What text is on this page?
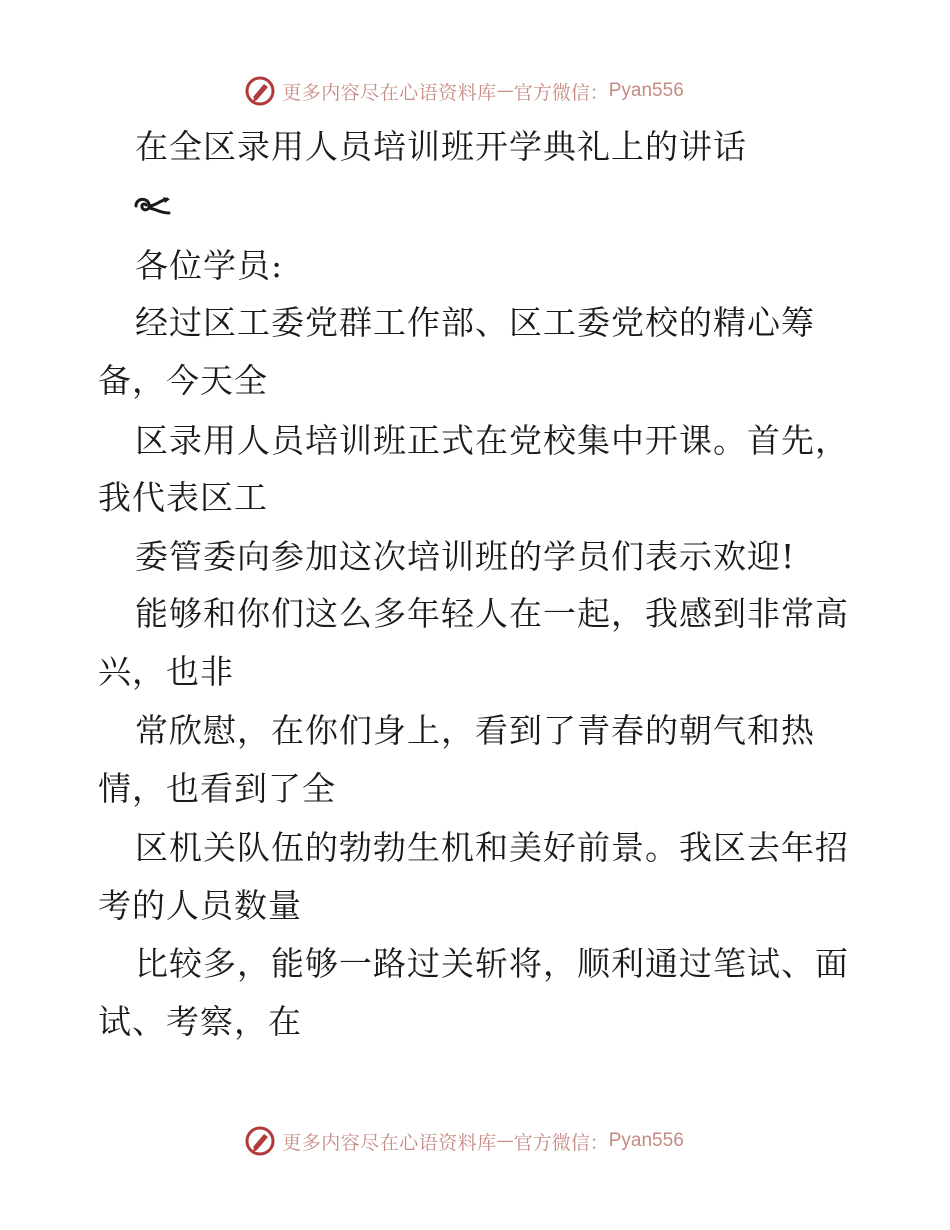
更多内容尽在心语资料库 — 官方微信： Pyan556
在全区录用人员培训班开学典礼上的讲话
各位学员:
经过区工委党群工作部、区工委党校的精心筹
备，今天全
区录用人员培训班正式在党校集中开课。首先，
我代表区工
委管委向参加这次培训班的学员们表示欢迎!
能够和你们这么多年轻人在一起，我感到非常高
兴，也非
常欣慰，在你们身上，看到了青春的朝气和热
情，也看到了全
区机关队伍的勃勃生机和美好前景。我区去年招
考的人员数量
比较多，能够一路过关斩将，顺利通过笔试、面
试、考察，在
更多内容尽在心语资料库 — 官方微信： Pyan556
